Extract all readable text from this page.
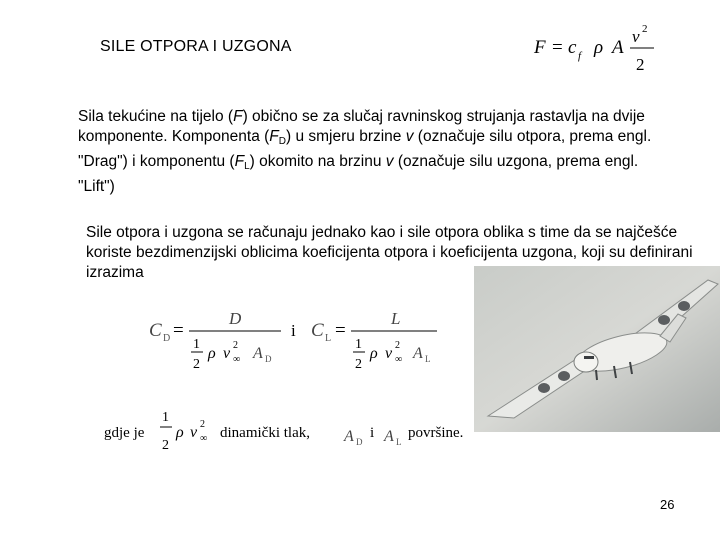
SILE OTPORA I UZGONA	F = c f ρ A
v 2
2
Sila tekućine na tijelo (F) obično se za slučaj ravninskog strujanja rastavlja na dvije komponente. Komponenta $(F_D)$ u smjeru brzine v (označuje silu otpora, prema engl. "Drag") i komponentu $(F_L)$ okomito na brzinu v (označuje silu uzgona, prema engl. "Lift")
Sile otpora i uzgona se računaju jednako kao i sile otpora oblika s time da se najčešće koriste bezdimenzijski oblicima koeficijenta otpora i koeficijenta uzgona, koji su definirani izrazima
C D =
D
1
2
ρ v 2
∞ A D
i C L =
L
1
2
ρ v 2
∞ A L
gdje je
1
2
ρ v 2
∞ dinamički tlak, A D
i A L
površine.
26
